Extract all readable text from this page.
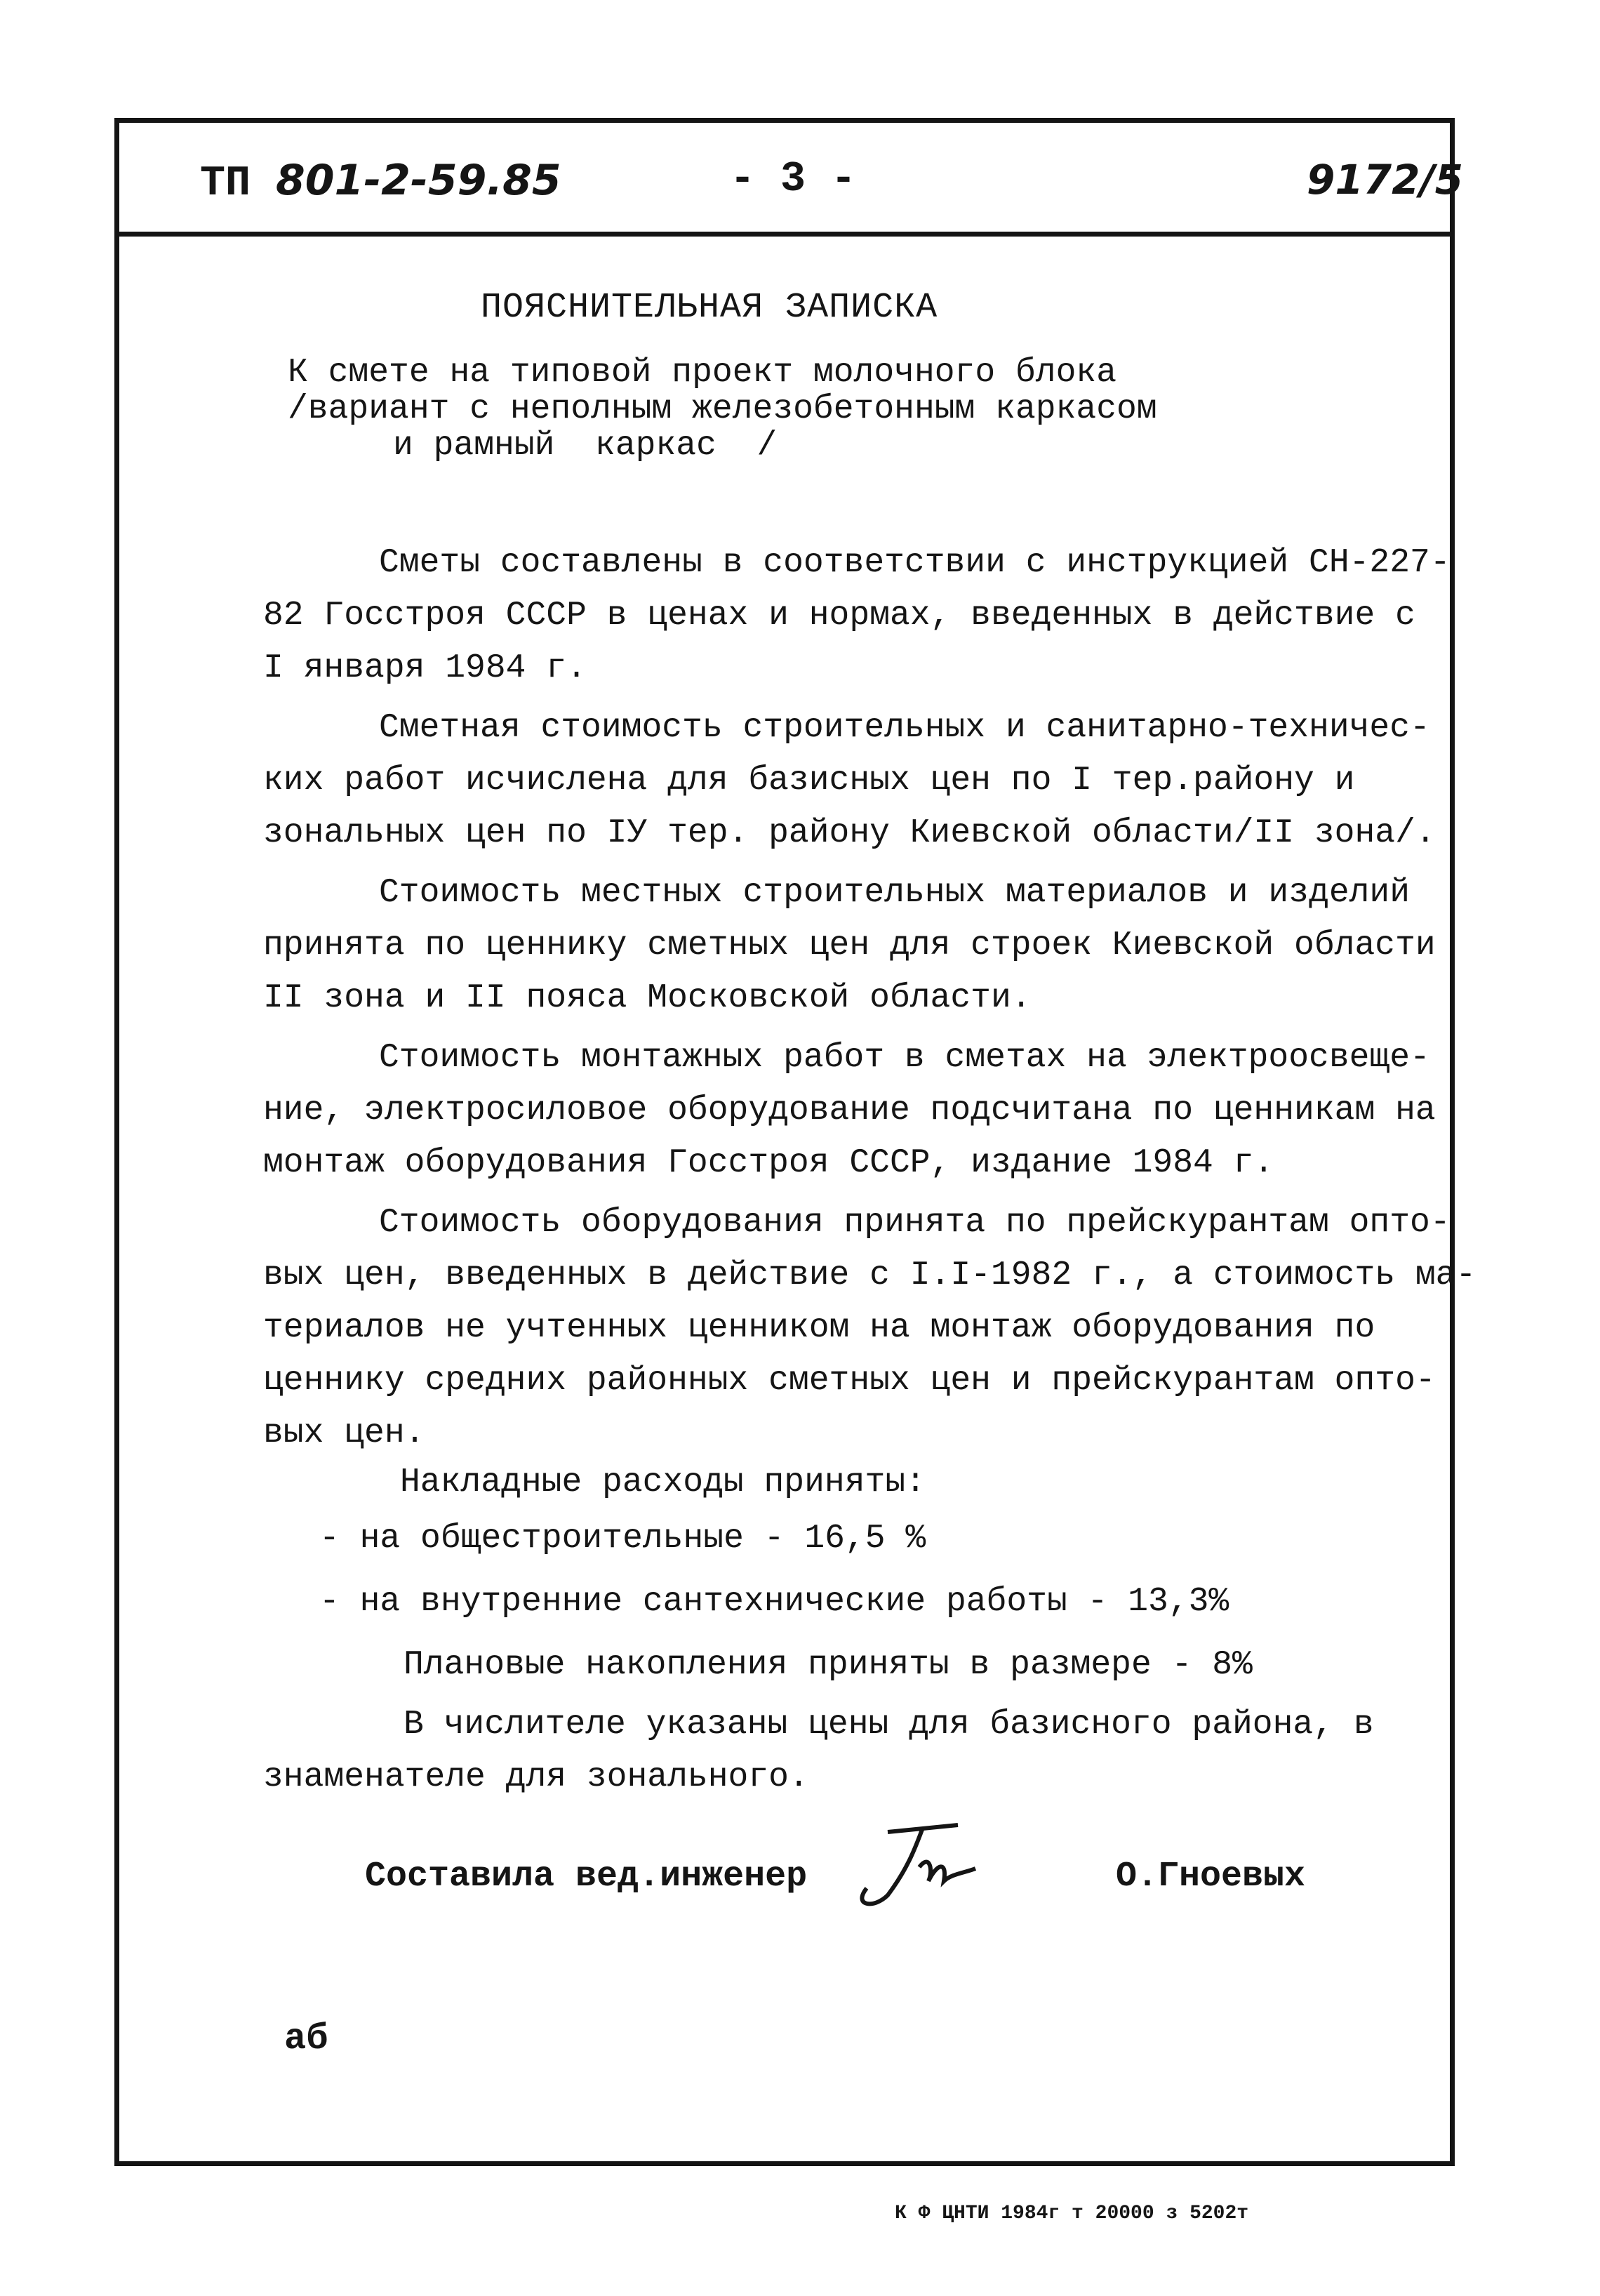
ТП 801-2-59.85	- 3 -	9172/5
ПОЯСНИТЕЛЬНАЯ ЗАПИСКА
К смете на типовой проект молочного блока
/вариант с неполным железобетонным каркасом
и рамный  каркас  /
Сметы составлены в соответствии с инструкцией СН-227-
82 Госстроя СССР в ценах и нормах, введенных в действие с
I января 1984 г.
Сметная стоимость строительных и санитарно-техничес-
ких работ исчислена для базисных цен по I тер.району и
зональных цен по IУ тер. району Киевской области/II зона/.
Стоимость местных строительных материалов и изделий
принята по ценнику сметных цен для строек Киевской области
II зона и II пояса Московской области.
Стоимость монтажных работ в сметах на электроосвеще-
ние, электросиловое оборудование подсчитана по ценникам на
монтаж оборудования Госстроя СССР, издание 1984 г.
Стоимость оборудования принята по прейскурантам опто-
вых цен, введенных в действие с I.I-1982 г., а стоимость ма-
териалов не учтенных ценником на монтаж оборудования по
ценнику средних районных сметных цен и прейскурантам опто-
вых цен.
Накладные расходы приняты:
- на общестроительные - 16,5 %
- на внутренние сантехнические работы - 13,3%
Плановые накопления приняты в размере - 8%
В числителе указаны цены для базисного района, в
знаменателе для зонального.
Составила вед.инженер	О.Гноевых
аб
К Ф ЦНТИ 1984г т 20000 з 5202т
